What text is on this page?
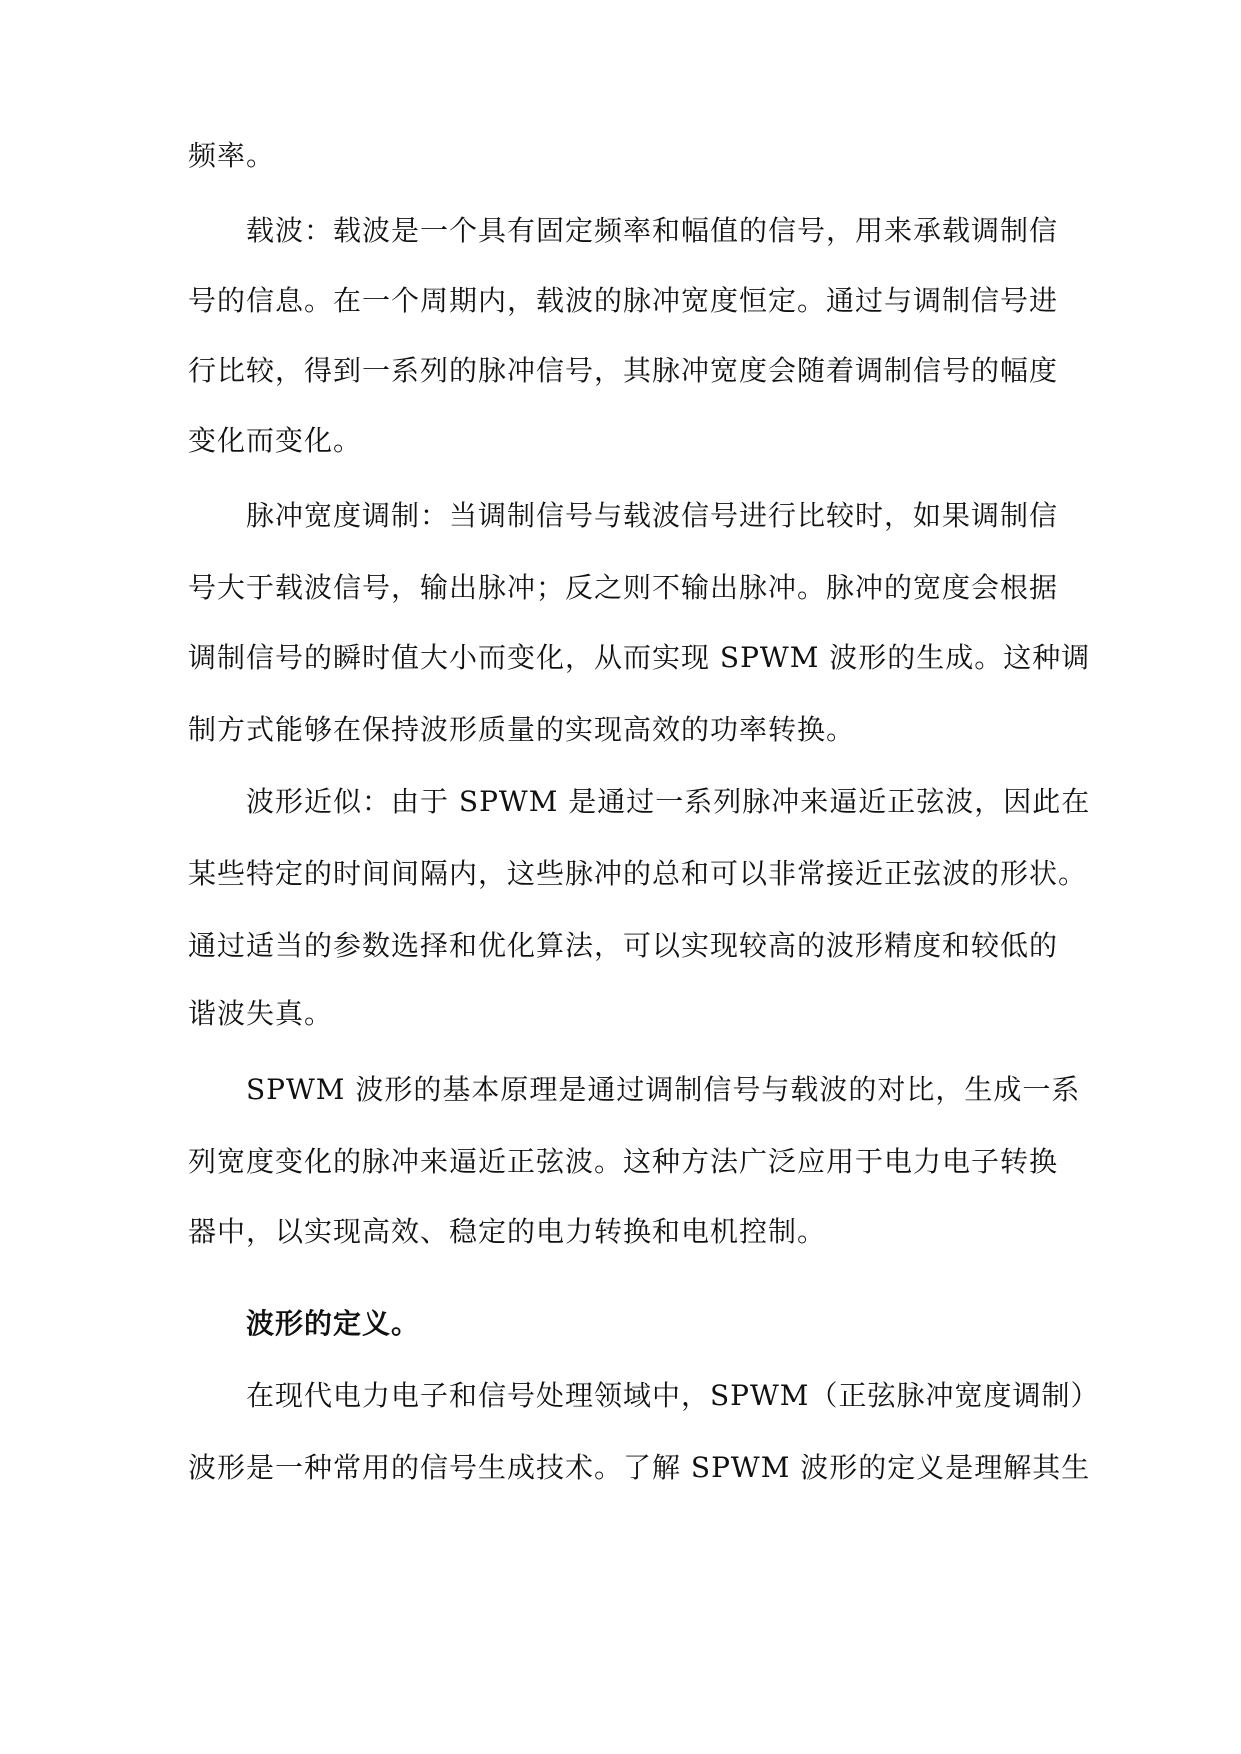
频率。
载波：载波是一个具有固定频率和幅值的信号，用来承载调制信
号的信息。在一个周期内，载波的脉冲宽度恒定。通过与调制信号进
行比较，得到一系列的脉冲信号，其脉冲宽度会随着调制信号的幅度
变化而变化。
脉冲宽度调制：当调制信号与载波信号进行比较时，如果调制信
号大于载波信号，输出脉冲；反之则不输出脉冲。脉冲的宽度会根据
调制信号的瞬时值大小而变化，从而实现 SPWM 波形的生成。这种调
制方式能够在保持波形质量的实现高效的功率转换。
波形近似：由于 SPWM 是通过一系列脉冲来逼近正弦波，因此在
某些特定的时间间隔内，这些脉冲的总和可以非常接近正弦波的形状。
通过适当的参数选择和优化算法，可以实现较高的波形精度和较低的
谐波失真。
SPWM 波形的基本原理是通过调制信号与载波的对比，生成一系
列宽度变化的脉冲来逼近正弦波。这种方法广泛应用于电力电子转换
器中，以实现高效、稳定的电力转换和电机控制。
波形的定义。
在现代电力电子和信号处理领域中，SPWM（正弦脉冲宽度调制）
波形是一种常用的信号生成技术。了解 SPWM 波形的定义是理解其生
